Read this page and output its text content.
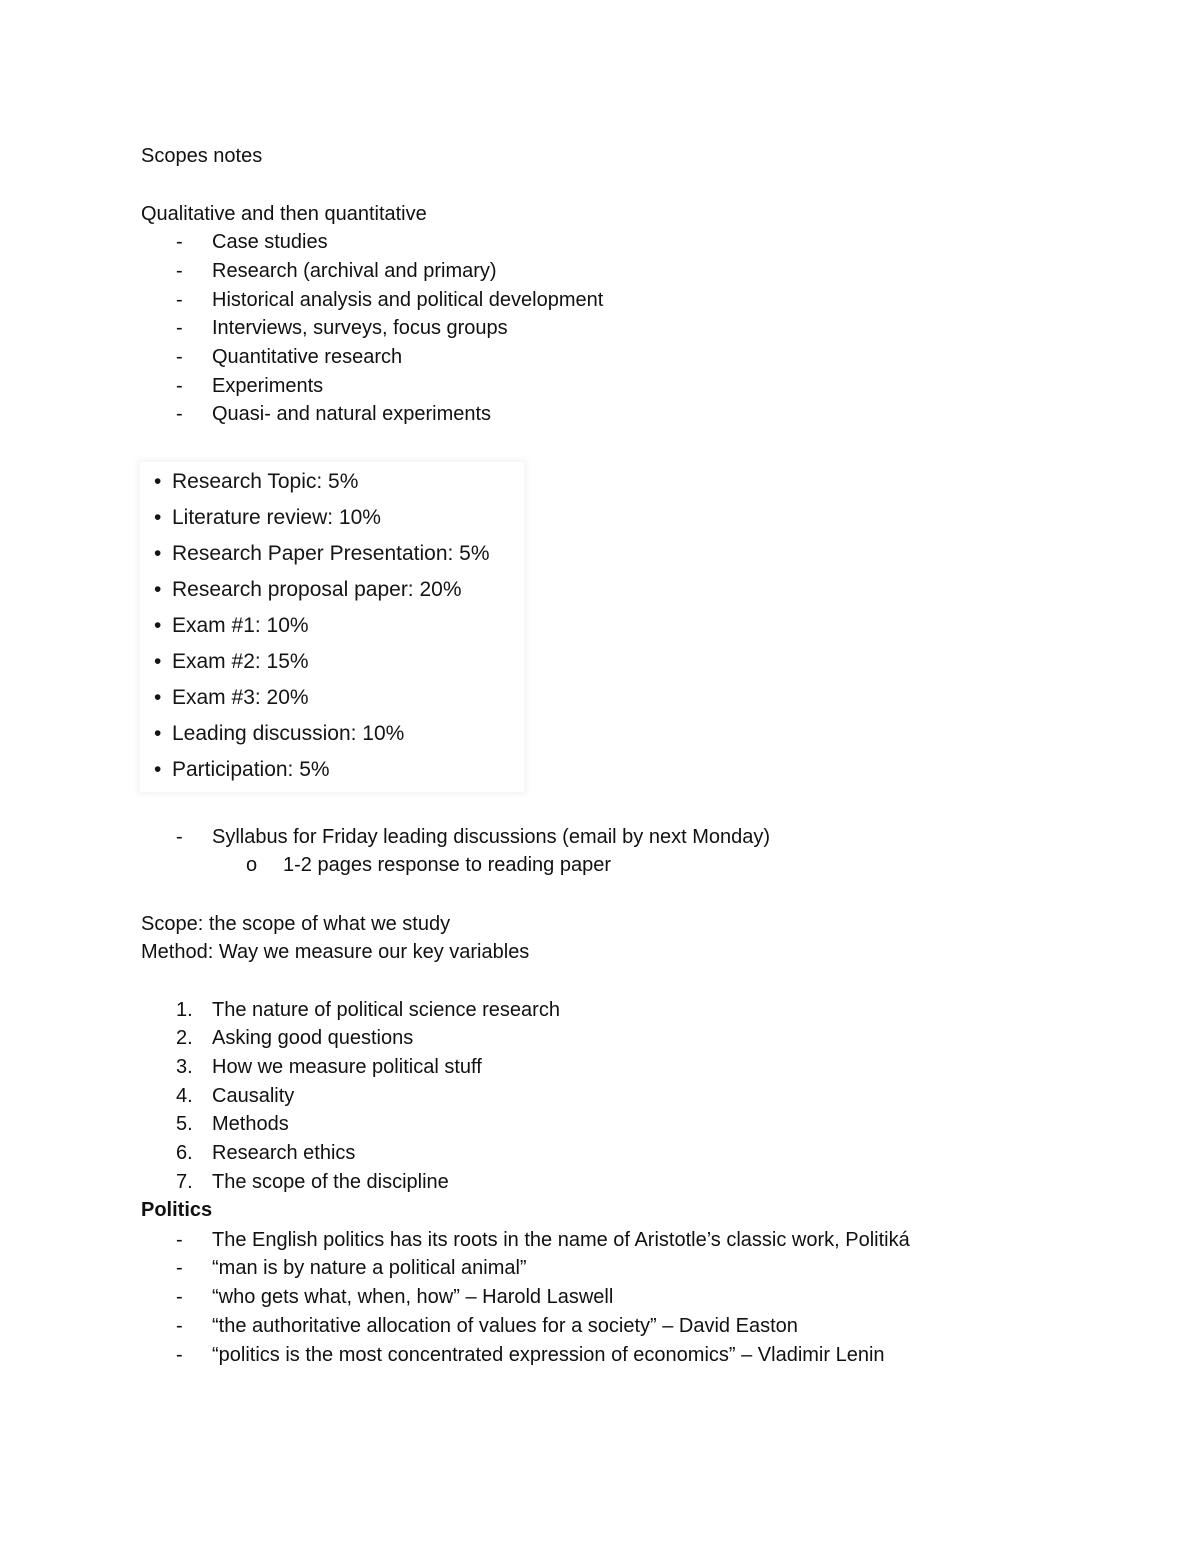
Scopes notes
Qualitative and then quantitative
-	Case studies
-	Research (archival and primary)
-	Historical analysis and political development
-	Interviews, surveys, focus groups
-	Quantitative research
-	Experiments
-	Quasi- and natural experiments
• Research Topic: 5%
• Literature review: 10%
• Research Paper Presentation: 5%
• Research proposal paper: 20%
• Exam #1: 10%
• Exam #2: 15%
• Exam #3: 20%
• Leading discussion: 10%
• Participation: 5%
-	Syllabus for Friday leading discussions (email by next Monday)
o 1-2 pages response to reading paper
Scope: the scope of what we study
Method: Way we measure our key variables
1. The nature of political science research
2. Asking good questions
3. How we measure political stuff
4. Causality
5. Methods
6. Research ethics
7. The scope of the discipline
Politics
-	The English politics has its roots in the name of Aristotle’s classic work, Politiká
-	“man is by nature a political animal”
-	“who gets what, when, how” – Harold Laswell
-	“the authoritative allocation of values for a society” – David Easton
-	“politics is the most concentrated expression of economics” – Vladimir Lenin
